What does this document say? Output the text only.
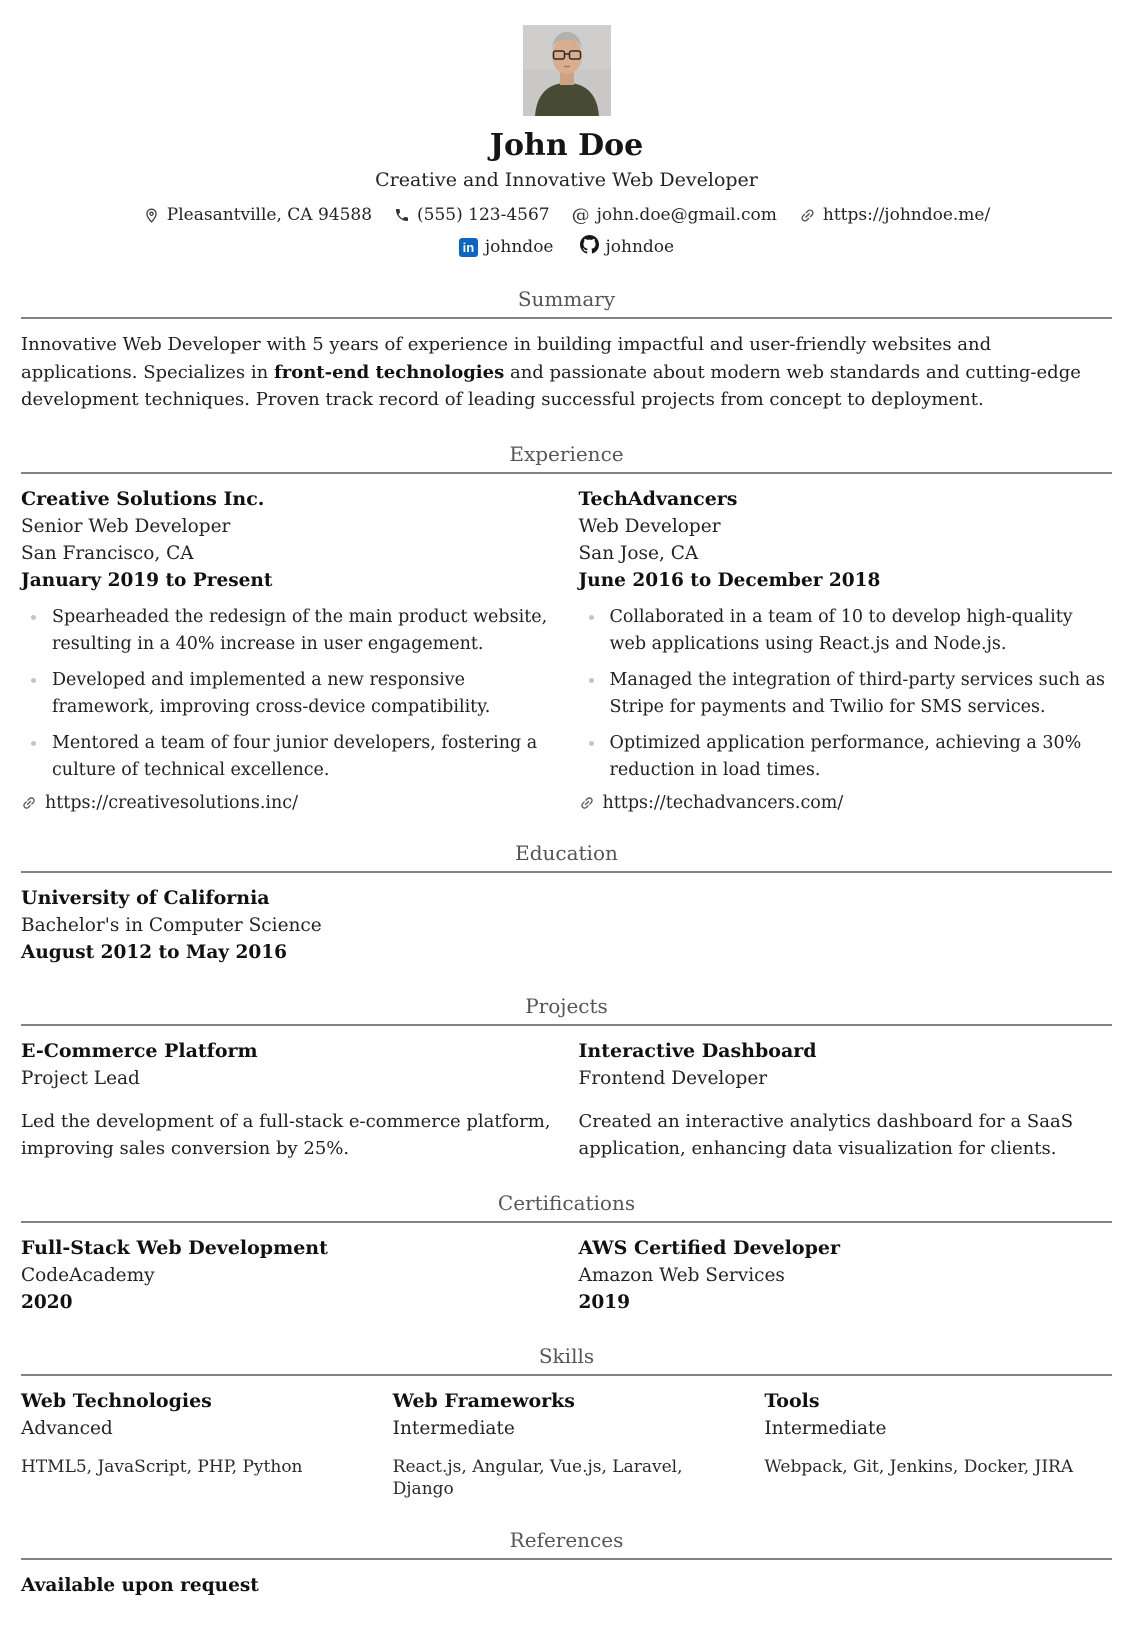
John Doe
Creative and Innovative Web Developer
Pleasantville, CA 94588	(555) 123-4567 @ john.doe@gmail.com	https://johndoe.me/
in johndoe	johndoe
Summary

Innovative Web Developer with 5 years of experience in building impactful and user-friendly websites and applications. Specializes in front-end technologies and passionate about modern web standards and cutting-edge development techniques. Proven track record of leading successful projects from concept to deployment.

Experience
Creative Solutions Inc.
Senior Web Developer
San Francisco, CA
January 2019 to Present
Spearheaded the redesign of the main product website, resulting in a 40% increase in user engagement.
Developed and implemented a new responsive framework, improving cross-device compatibility.
Mentored a team of four junior developers, fostering a culture of technical excellence.
https://creativesolutions.inc/
TechAdvancers
Web Developer
San Jose, CA
June 2016 to December 2018
Collaborated in a team of 10 to develop high-quality web applications using React.js and Node.js.
Managed the integration of third-party services such as Stripe for payments and Twilio for SMS services.
Optimized application performance, achieving a 30% reduction in load times.
https://techadvancers.com/
Education
University of California
Bachelor's in Computer Science
August 2012 to May 2016
Projects
E-Commerce Platform
Project Lead
Led the development of a full-stack e-commerce platform, improving sales conversion by 25%.
Interactive Dashboard
Frontend Developer
Created an interactive analytics dashboard for a SaaS application, enhancing data visualization for clients.
Certifications
Full-Stack Web Development
CodeAcademy
2020
AWS Certified Developer
Amazon Web Services
2019
Skills
Web Technologies
Advanced
HTML5, JavaScript, PHP, Python
Web Frameworks
Intermediate
React.js, Angular, Vue.js, Laravel, Django
Tools
Intermediate
Webpack, Git, Jenkins, Docker, JIRA
References
Available upon request
